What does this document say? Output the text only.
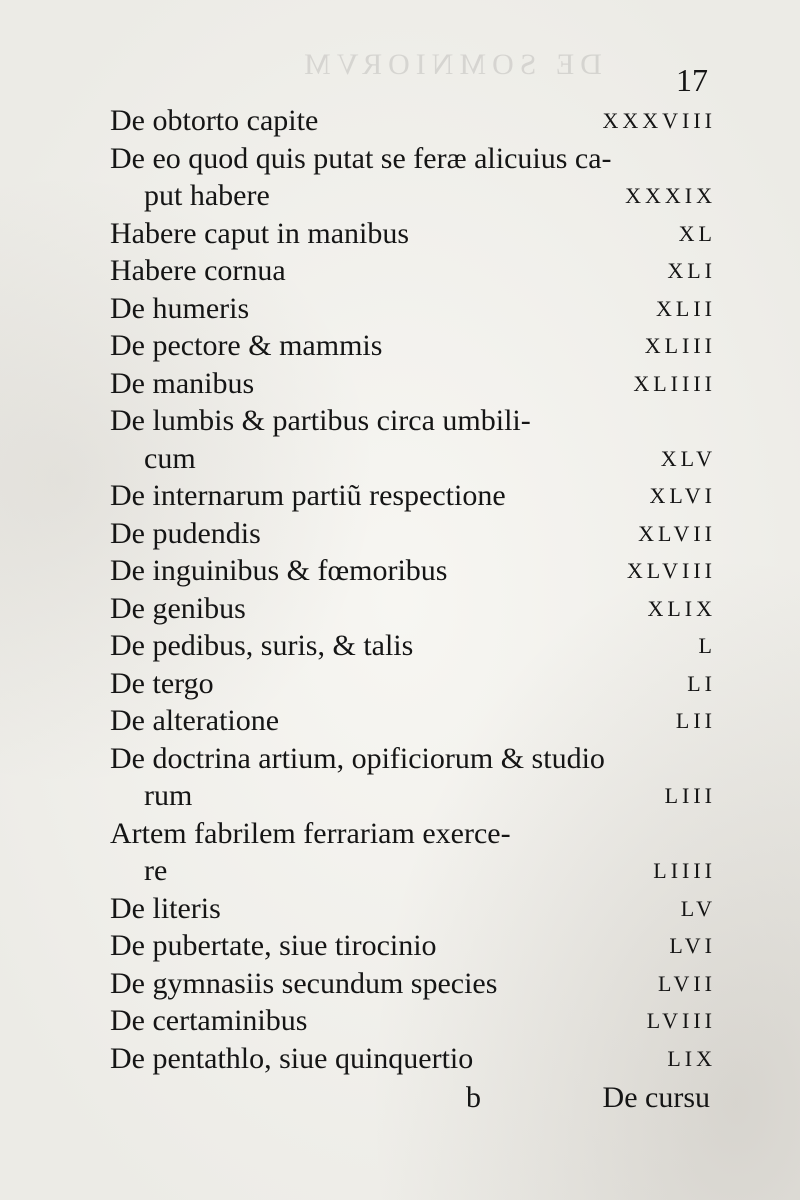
DE SOMNIORVM	17
De obtorto capite	XXXVIII
De eo quod quis putat se feræ alicuius ca-
put habere	XXXIX
Habere caput in manibus	XL
Habere cornua	XLI
De humeris	XLII
De pectore & mammis	XLIII
De manibus	XLIIII
De lumbis & partibus circa umbili-
cum	XLV
De internarum partiũ respectione	XLVI
De pudendis	XLVII
De inguinibus & fœmoribus	XLVIII
De genibus	XLIX
De pedibus, suris, & talis	L
De tergo	LI
De alteratione	LII
De doctrina artium, opificiorum & studio
rum	LIII
Artem fabrilem ferrariam exerce-
re	LIIII
De literis	LV
De pubertate, siue tirocinio	LVI
De gymnasiis secundum species	LVII
De certaminibus	LVIII
De pentathlo, siue quinquertio	LIX
b	De cursu
